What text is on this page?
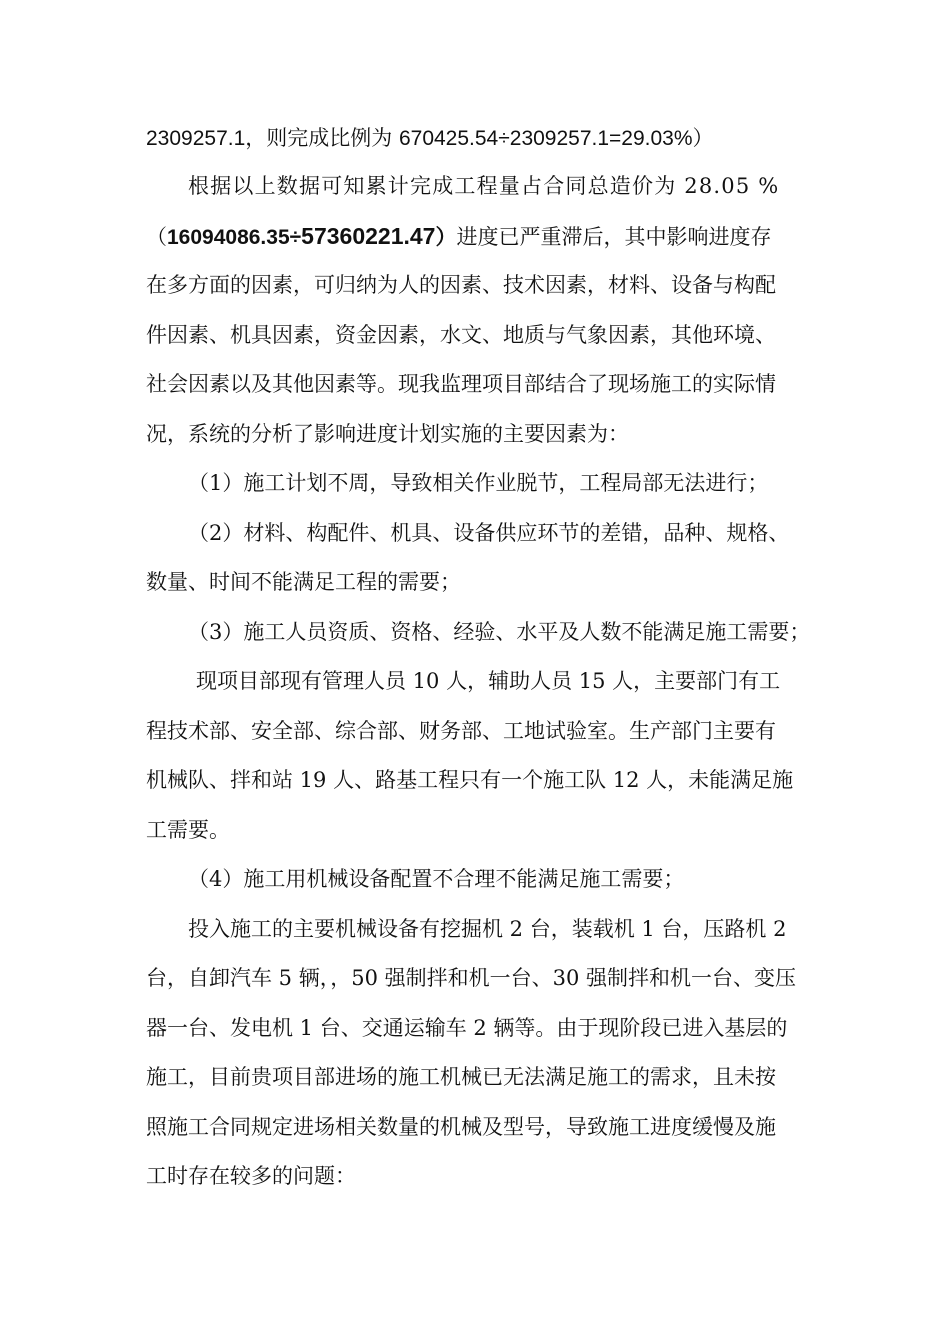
2309257.1，则完成比例为 670425.54÷2309257.1=29.03%）
根据以上数据可知累计完成工程量占合同总造价为 28.05 %
（16094086.35÷57360221.47）进度已严重滞后，其中影响进度存
在多方面的因素，可归纳为人的因素、技术因素，材料、设备与构配
件因素、机具因素，资金因素，水文、地质与气象因素，其他环境、
社会因素以及其他因素等。现我监理项目部结合了现场施工的实际情
况，系统的分析了影响进度计划实施的主要因素为：
（1）施工计划不周，导致相关作业脱节，工程局部无法进行；
（2）材料、构配件、机具、设备供应环节的差错，品种、规格、
数量、时间不能满足工程的需要；
（3）施工人员资质、资格、经验、水平及人数不能满足施工需要；
现项目部现有管理人员 10 人，辅助人员 15 人，主要部门有工
程技术部、安全部、综合部、财务部、工地试验室。生产部门主要有
机械队、拌和站 19 人、路基工程只有一个施工队 12 人，未能满足施
工需要。
（4）施工用机械设备配置不合理不能满足施工需要；
投入施工的主要机械设备有挖掘机 2 台，装载机 1 台，压路机 2
台，自卸汽车 5 辆，，50 强制拌和机一台、30 强制拌和机一台、变压
器一台、发电机 1 台、交通运输车 2 辆等。由于现阶段已进入基层的
施工，目前贵项目部进场的施工机械已无法满足施工的需求，且未按
照施工合同规定进场相关数量的机械及型号，导致施工进度缓慢及施
工时存在较多的问题：
